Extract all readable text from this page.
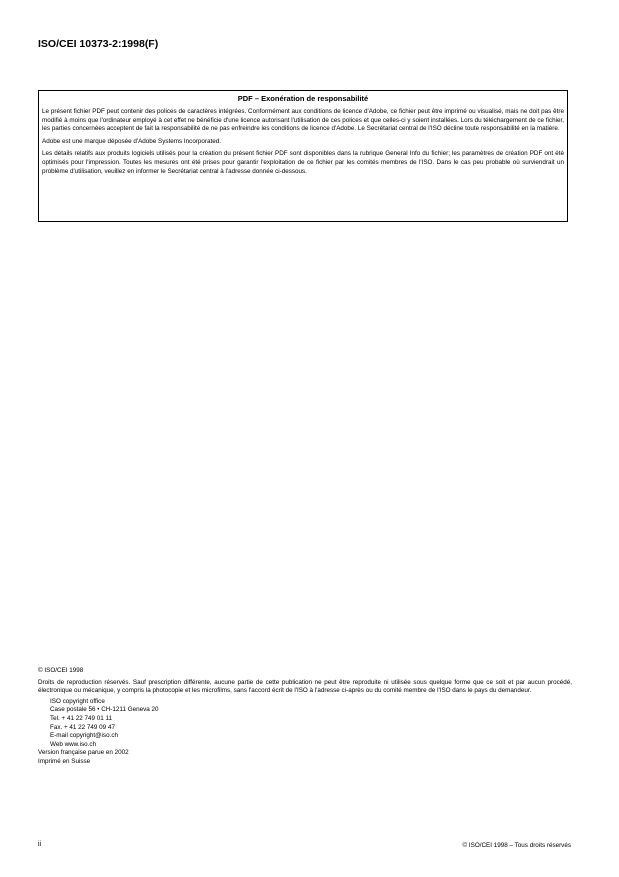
ISO/CEI 10373-2:1998(F)
PDF – Exonération de responsabilité

Le présent fichier PDF peut contenir des polices de caractères intégrées. Conformément aux conditions de licence d'Adobe, ce fichier peut être imprimé ou visualisé, mais ne doit pas être modifié à moins que l'ordinateur employé à cet effet ne bénéficie d'une licence autorisant l'utilisation de ces polices et que celles-ci y soient installées. Lors du téléchargement de ce fichier, les parties concernées acceptent de fait la responsabilité de ne pas enfreindre les conditions de licence d'Adobe. Le Secrétariat central de l'ISO décline toute responsabilité en la matière.

Adobe est une marque déposée d'Adobe Systems Incorporated.

Les détails relatifs aux produits logiciels utilisés pour la création du présent fichier PDF sont disponibles dans la rubrique General Info du fichier; les paramètres de création PDF ont été optimisés pour l'impression. Toutes les mesures ont été prises pour garantir l'exploitation de ce fichier par les comités membres de l'ISO. Dans le cas peu probable où surviendrait un problème d'utilisation, veuillez en informer le Secrétariat central à l'adresse donnée ci-dessous.

© ISO/CEI 1998

Droits de reproduction réservés. Sauf prescription différente, aucune partie de cette publication ne peut être reproduite ni utilisée sous quelque forme que ce soit et par aucun procédé, électronique ou mécanique, y compris la photocopie et les microfilms, sans l'accord écrit de l'ISO à l'adresse ci-après ou du comité membre de l'ISO dans le pays du demandeur.

ISO copyright office
Case postale 56 • CH-1211 Geneva 20
Tel. + 41 22 749 01 11
Fax. + 41 22 749 09 47
E-mail copyright@iso.ch
Web www.iso.ch

Version française parue en 2002

Imprimé en Suisse

ii	© ISO/CEI 1998 – Tous droits réservés
